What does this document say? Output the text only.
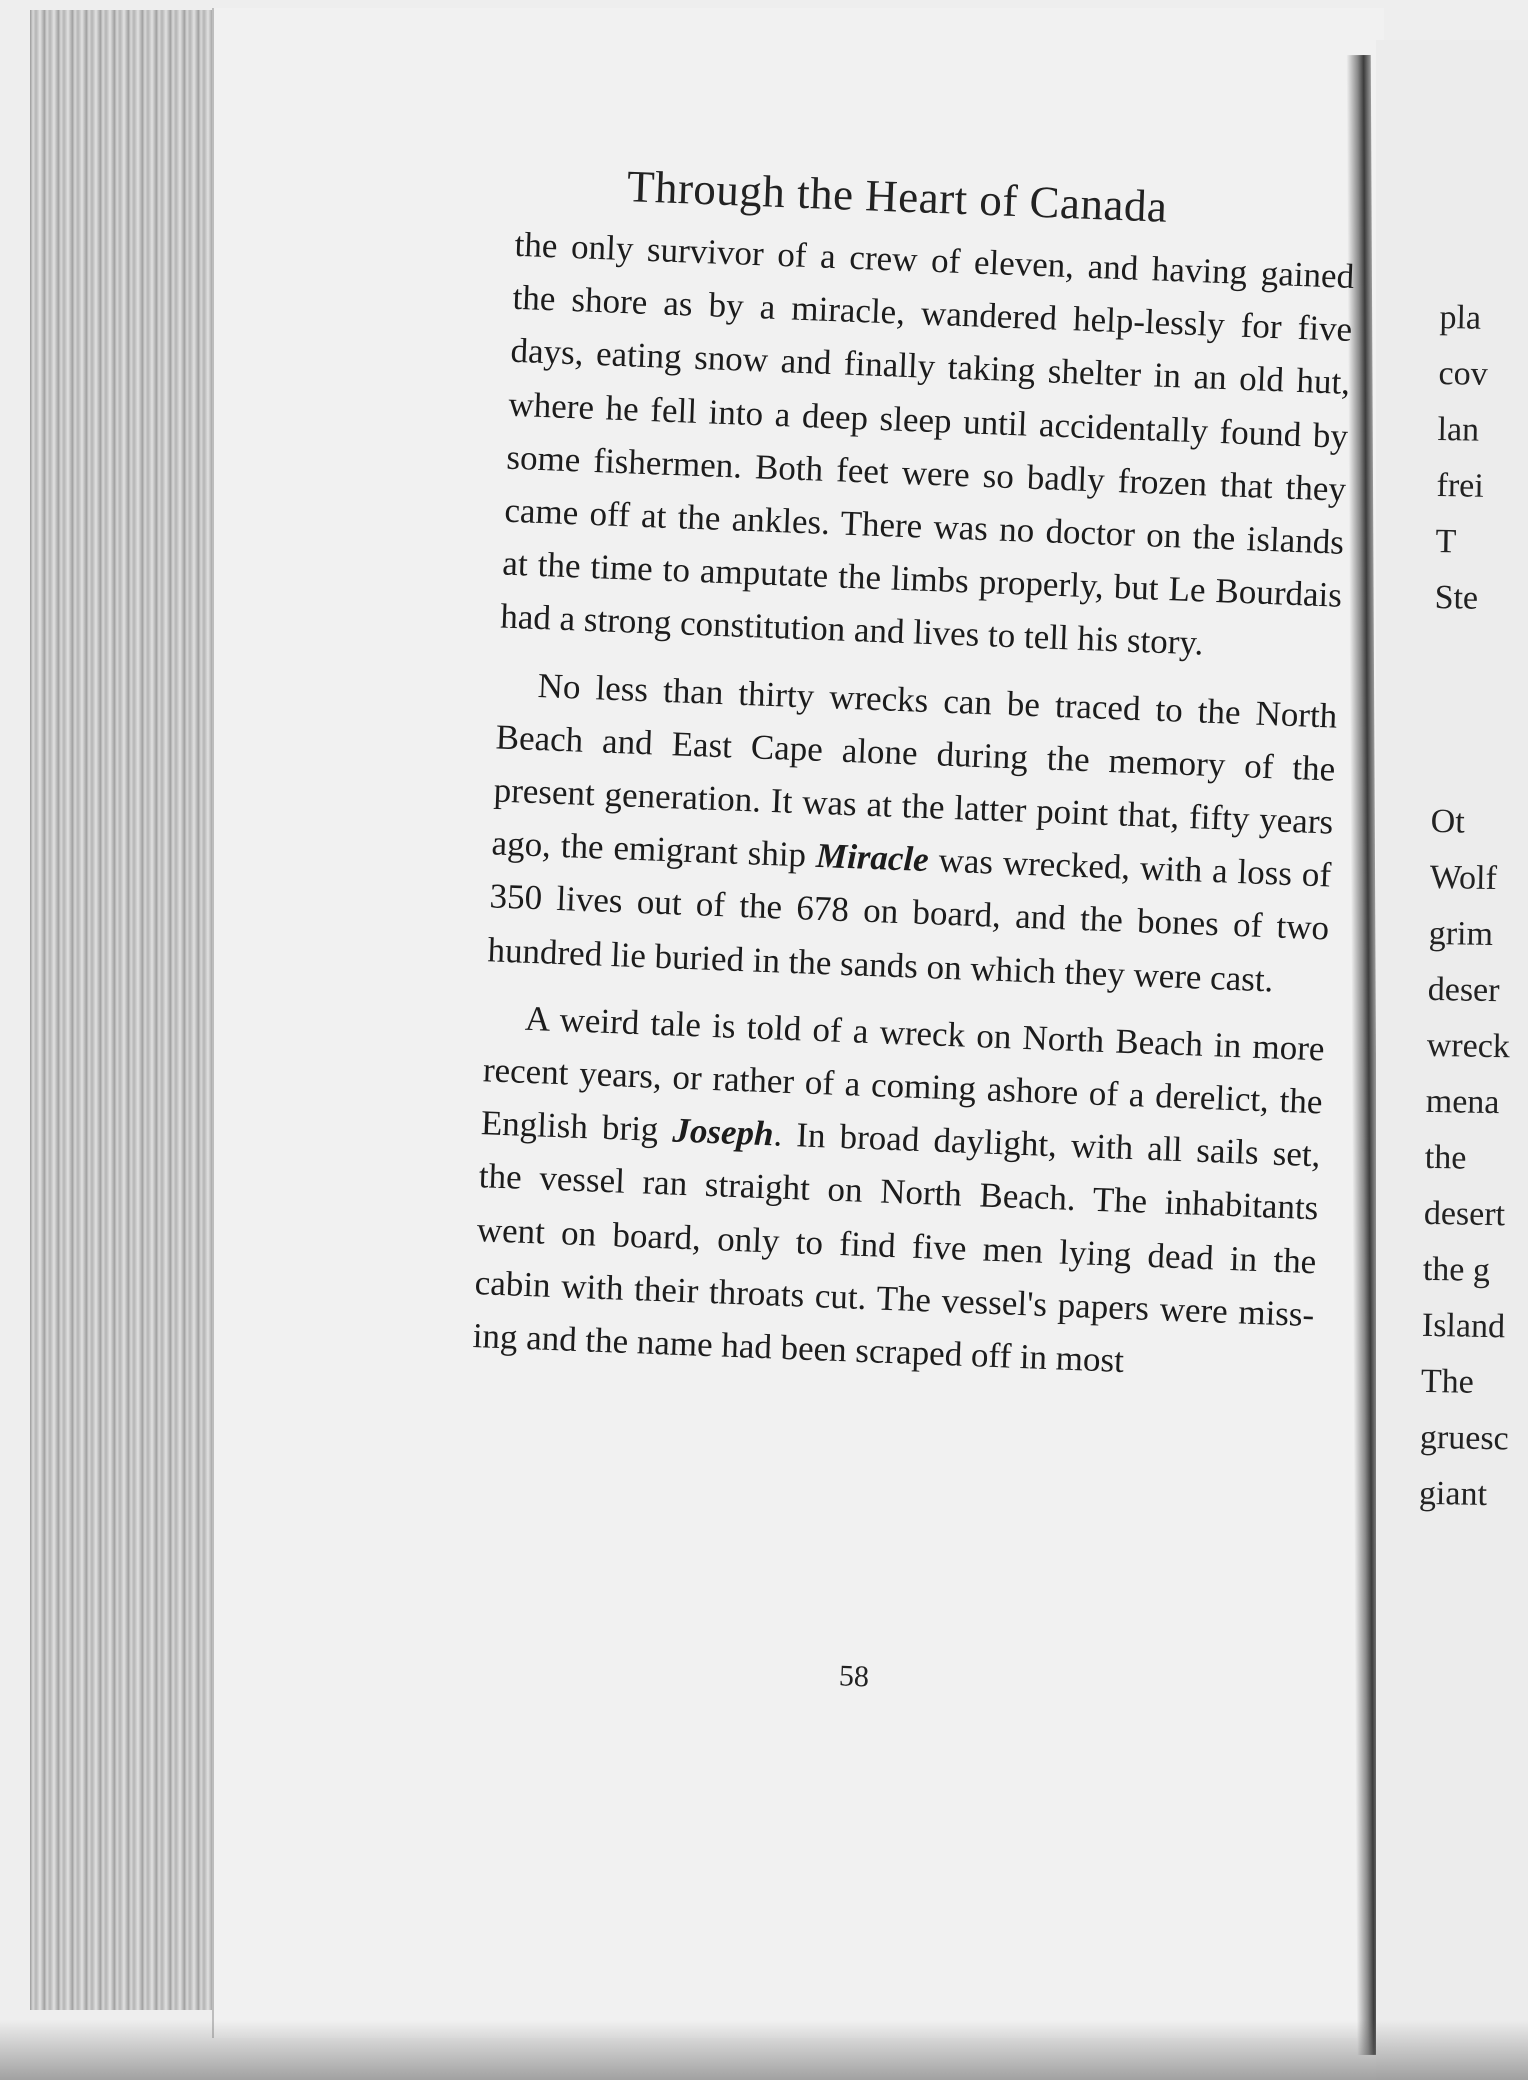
Through the Heart of Canada

the only survivor of a crew of eleven, and having gained the shore as by a miracle, wandered help-lessly for five days, eating snow and finally taking shelter in an old hut, where he fell into a deep sleep until accidentally found by some fishermen. Both feet were so badly frozen that they came off at the ankles. There was no doctor on the islands at the time to amputate the limbs properly, but Le Bourdais had a strong constitution and lives to tell his story.

No less than thirty wrecks can be traced to the North Beach and East Cape alone during the memory of the present generation. It was at the latter point that, fifty years ago, the emigrant ship Miracle was wrecked, with a loss of 350 lives out of the 678 on board, and the bones of two hundred lie buried in the sands on which they were cast.

A weird tale is told of a wreck on North Beach in more recent years, or rather of a coming ashore of a derelict, the English brig Joseph. In broad daylight, with all sails set, the vessel ran straight on North Beach. The inhabitants went on board, only to find five men lying dead in the cabin with their throats cut. The vessel's papers were miss-ing and the name had been scraped off in most

58
pla
cov
lan
frei
T
Ste
Ot
Wolf
grim
deser
wreck
mena
the
desert
the g
Island
The
gruesc
giant
